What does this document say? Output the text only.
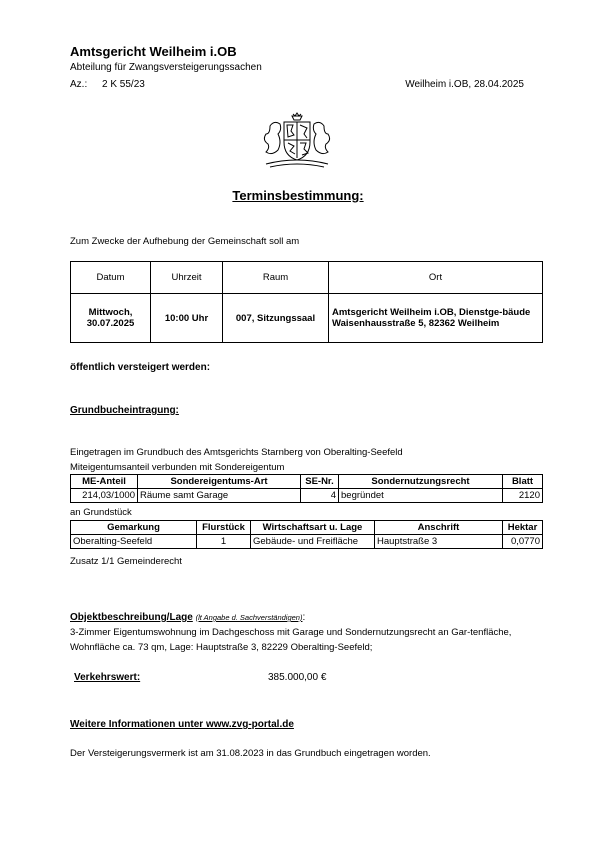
Amtsgericht Weilheim i.OB
Abteilung für Zwangsversteigerungssachen
Az.: 2 K 55/23	Weilheim i.OB, 28.04.2025
Terminsbestimmung:
Zum Zwecke der Aufhebung der Gemeinschaft soll am
Datum	Uhrzeit	Raum	Ort
Mittwoch,
30.07.2025	10:00 Uhr	007, Sitzungssaal	Amtsgericht Weilheim i.OB, Dienstge-bäude Waisenhausstraße 5, 82362 Weilheim
öffentlich versteigert werden:
Grundbucheintragung:
Eingetragen im Grundbuch des Amtsgerichts Starnberg von Oberalting-Seefeld
Miteigentumsanteil verbunden mit Sondereigentum
ME-Anteil	Sondereigentums-Art	SE-Nr.	Sondernutzungsrecht	Blatt
214,03/1000	Räume samt Garage	4	begründet	2120
an Grundstück
Gemarkung	Flurstück	Wirtschaftsart u. Lage	Anschrift	Hektar
Oberalting-Seefeld	1	Gebäude- und Freifläche	Hauptstraße 3	0,0770
Zusatz 1/1 Gemeinderecht
Objektbeschreibung/Lage (lt Angabe d. Sachverständigen):
3-Zimmer Eigentumswohnung im Dachgeschoss mit Garage und Sondernutzungsrecht an Gar-tenfläche, Wohnfläche ca. 73 qm, Lage: Hauptstraße 3, 82229 Oberalting-Seefeld;
Verkehrswert:	385.000,00 €
Weitere Informationen unter www.zvg-portal.de
Der Versteigerungsvermerk ist am 31.08.2023 in das Grundbuch eingetragen worden.
